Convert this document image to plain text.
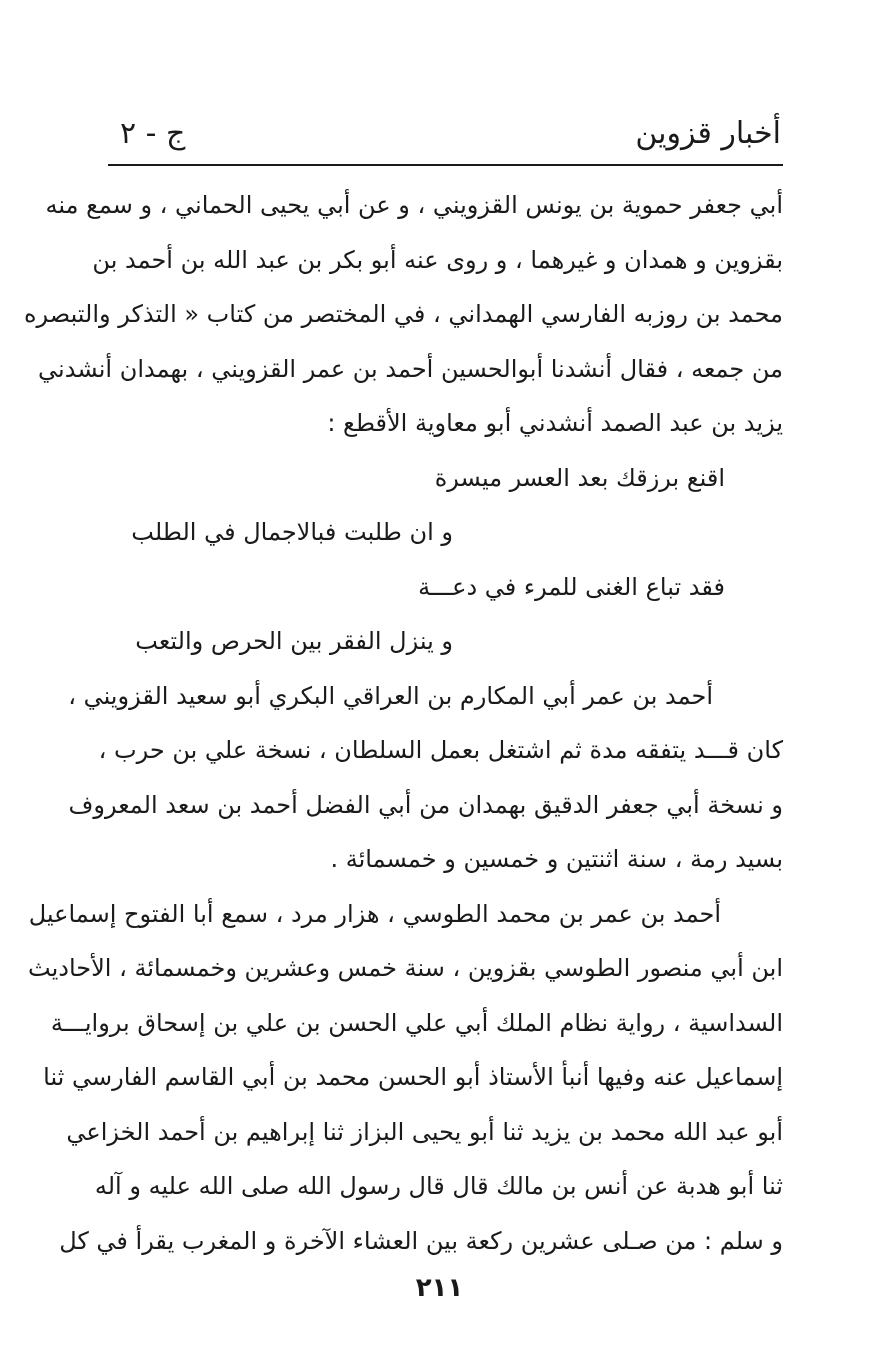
أخبار قزوين
ج - ٢
أبي جعفر حموية بن يونس القزويني ، و عن أبي يحيى الحماني ، و سمع منه
بقزوين و همدان و غيرهما ، و روى عنه أبو بكر بن عبد الله بن أحمد بن
محمد بن روزبه الفارسي الهمداني ، في المختصر من كتاب « التذكر والتبصره
من جمعه ، فقال أنشدنا أبوالحسين أحمد بن عمر القزويني ، بهمدان أنشدني
يزيد بن عبد الصمد أنشدني أبو معاوية الأقطع :
اقنع برزقك بعد العسر ميسرة
و ان طلبت فبالاجمال في الطلب
فقد تباع الغنى للمرء في دعـــة
و ينزل الفقر بين الحرص والتعب
أحمد بن عمر أبي المكارم بن العراقي البكري أبو سعيد القزويني ،
كان قـــد يتفقه مدة ثم اشتغل بعمل السلطان ، نسخة علي بن حرب ،
و نسخة أبي جعفر الدقيق بهمدان من أبي الفضل أحمد بن سعد المعروف
بسيد رمة ، سنة اثنتين و خمسين و خمسمائة .
أحمد بن عمر بن محمد الطوسي ، هزار مرد ، سمع أبا الفتوح إسماعيل
ابن أبي منصور الطوسي بقزوين ، سنة خمس وعشرين وخمسمائة ، الأحاديث
السداسية ، رواية نظام الملك أبي علي الحسن بن علي بن إسحاق بروايـــة
إسماعيل عنه وفيها أنبأ الأستاذ أبو الحسن محمد بن أبي القاسم الفارسي ثنا
أبو عبد الله محمد بن يزيد ثنا أبو يحيى البزاز ثنا إبراهيم بن أحمد الخزاعي
ثنا أبو هدبة عن أنس بن مالك قال قال رسول الله صلى الله عليه و آله
و سلم : من صـلى عشرين ركعة بين العشاء الآخرة و المغرب يقرأ في كل
٢١١
